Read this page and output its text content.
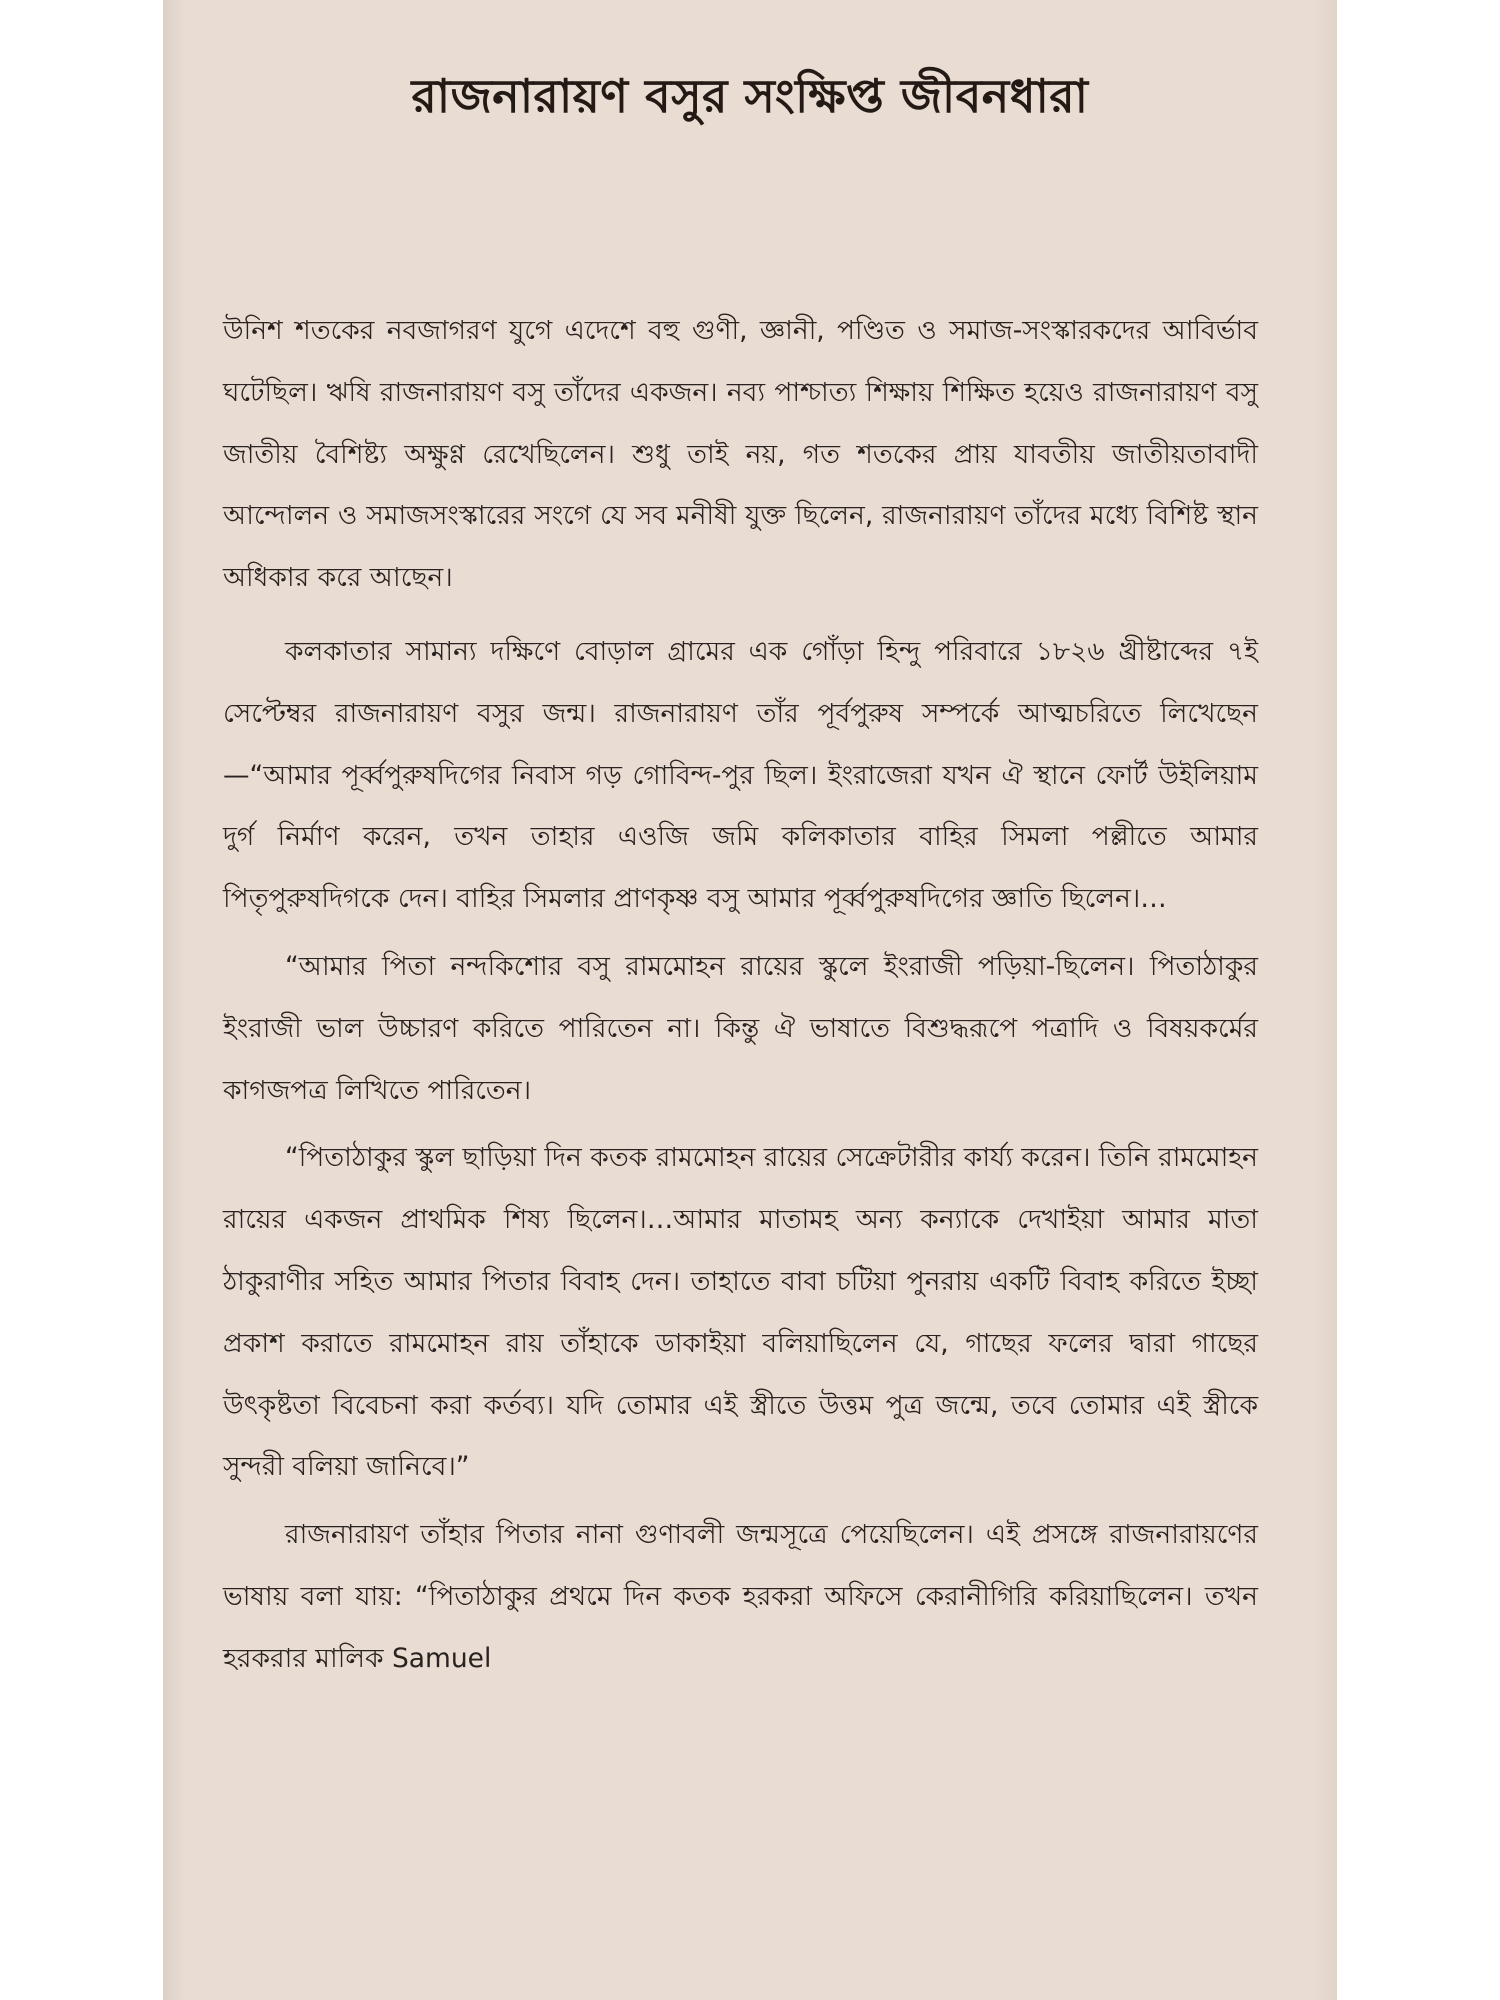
রাজনারায়ণ বসুর সংক্ষিপ্ত জীবনধারা

উনিশ শতকের নবজাগরণ যুগে এদেশে বহু গুণী, জ্ঞানী, পণ্ডিত ও সমাজ-সংস্কারকদের আবির্ভাব ঘটেছিল। ঋষি রাজনারায়ণ বসু তাঁদের একজন। নব্য পাশ্চাত্য শিক্ষায় শিক্ষিত হয়েও রাজনারায়ণ বসু জাতীয় বৈশিষ্ট্য অক্ষুণ্ণ রেখেছিলেন। শুধু তাই নয়, গত শতকের প্রায় যাবতীয় জাতীয়তাবাদী আন্দোলন ও সমাজসংস্কারের সংগে যে সব মনীষী যুক্ত ছিলেন, রাজনারায়ণ তাঁদের মধ্যে বিশিষ্ট স্থান অধিকার করে আছেন।

কলকাতার সামান্য দক্ষিণে বোড়াল গ্রামের এক গোঁড়া হিন্দু পরিবারে ১৮২৬ খ্রীষ্টাব্দের ৭ই সেপ্টেম্বর রাজনারায়ণ বসুর জন্ম। রাজনারায়ণ তাঁর পূর্বপুরুষ সম্পর্কে আত্মচরিতে লিখেছেন—“আমার পূর্ব্বপুরুষদিগের নিবাস গড় গোবিন্দ-পুর ছিল। ইংরাজেরা যখন ঐ স্থানে ফোর্ট উইলিয়াম দুর্গ নির্মাণ করেন, তখন তাহার এওজি জমি কলিকাতার বাহির সিমলা পল্লীতে আমার পিতৃপুরুষদিগকে দেন। বাহির সিমলার প্রাণকৃষ্ণ বসু আমার পূর্ব্বপুরুষদিগের জ্ঞাতি ছিলেন।…

“আমার পিতা নন্দকিশোর বসু রামমোহন রায়ের স্কুলে ইংরাজী পড়িয়া-ছিলেন। পিতাঠাকুর ইংরাজী ভাল উচ্চারণ করিতে পারিতেন না। কিন্তু ঐ ভাষাতে বিশুদ্ধরূপে পত্রাদি ও বিষয়কর্মের কাগজপত্র লিখিতে পারিতেন।

“পিতাঠাকুর স্কুল ছাড়িয়া দিন কতক রামমোহন রায়ের সেক্রেটারীর কার্য্য করেন। তিনি রামমোহন রায়ের একজন প্রাথমিক শিষ্য ছিলেন।…আমার মাতামহ অন্য কন্যাকে দেখাইয়া আমার মাতা ঠাকুরাণীর সহিত আমার পিতার বিবাহ দেন। তাহাতে বাবা চটিয়া পুনরায় একটি বিবাহ করিতে ইচ্ছা প্রকাশ করাতে রামমোহন রায় তাঁহাকে ডাকাইয়া বলিয়াছিলেন যে, গাছের ফলের দ্বারা গাছের উৎকৃষ্টতা বিবেচনা করা কর্তব্য। যদি তোমার এই স্ত্রীতে উত্তম পুত্র জন্মে, তবে তোমার এই স্ত্রীকে সুন্দরী বলিয়া জানিবে।”

রাজনারায়ণ তাঁহার পিতার নানা গুণাবলী জন্মসূত্রে পেয়েছিলেন। এই প্রসঙ্গে রাজনারায়ণের ভাষায় বলা যায়: “পিতাঠাকুর প্রথমে দিন কতক হরকরা অফিসে কেরানীগিরি করিয়াছিলেন। তখন হরকরার মালিক Samuel
